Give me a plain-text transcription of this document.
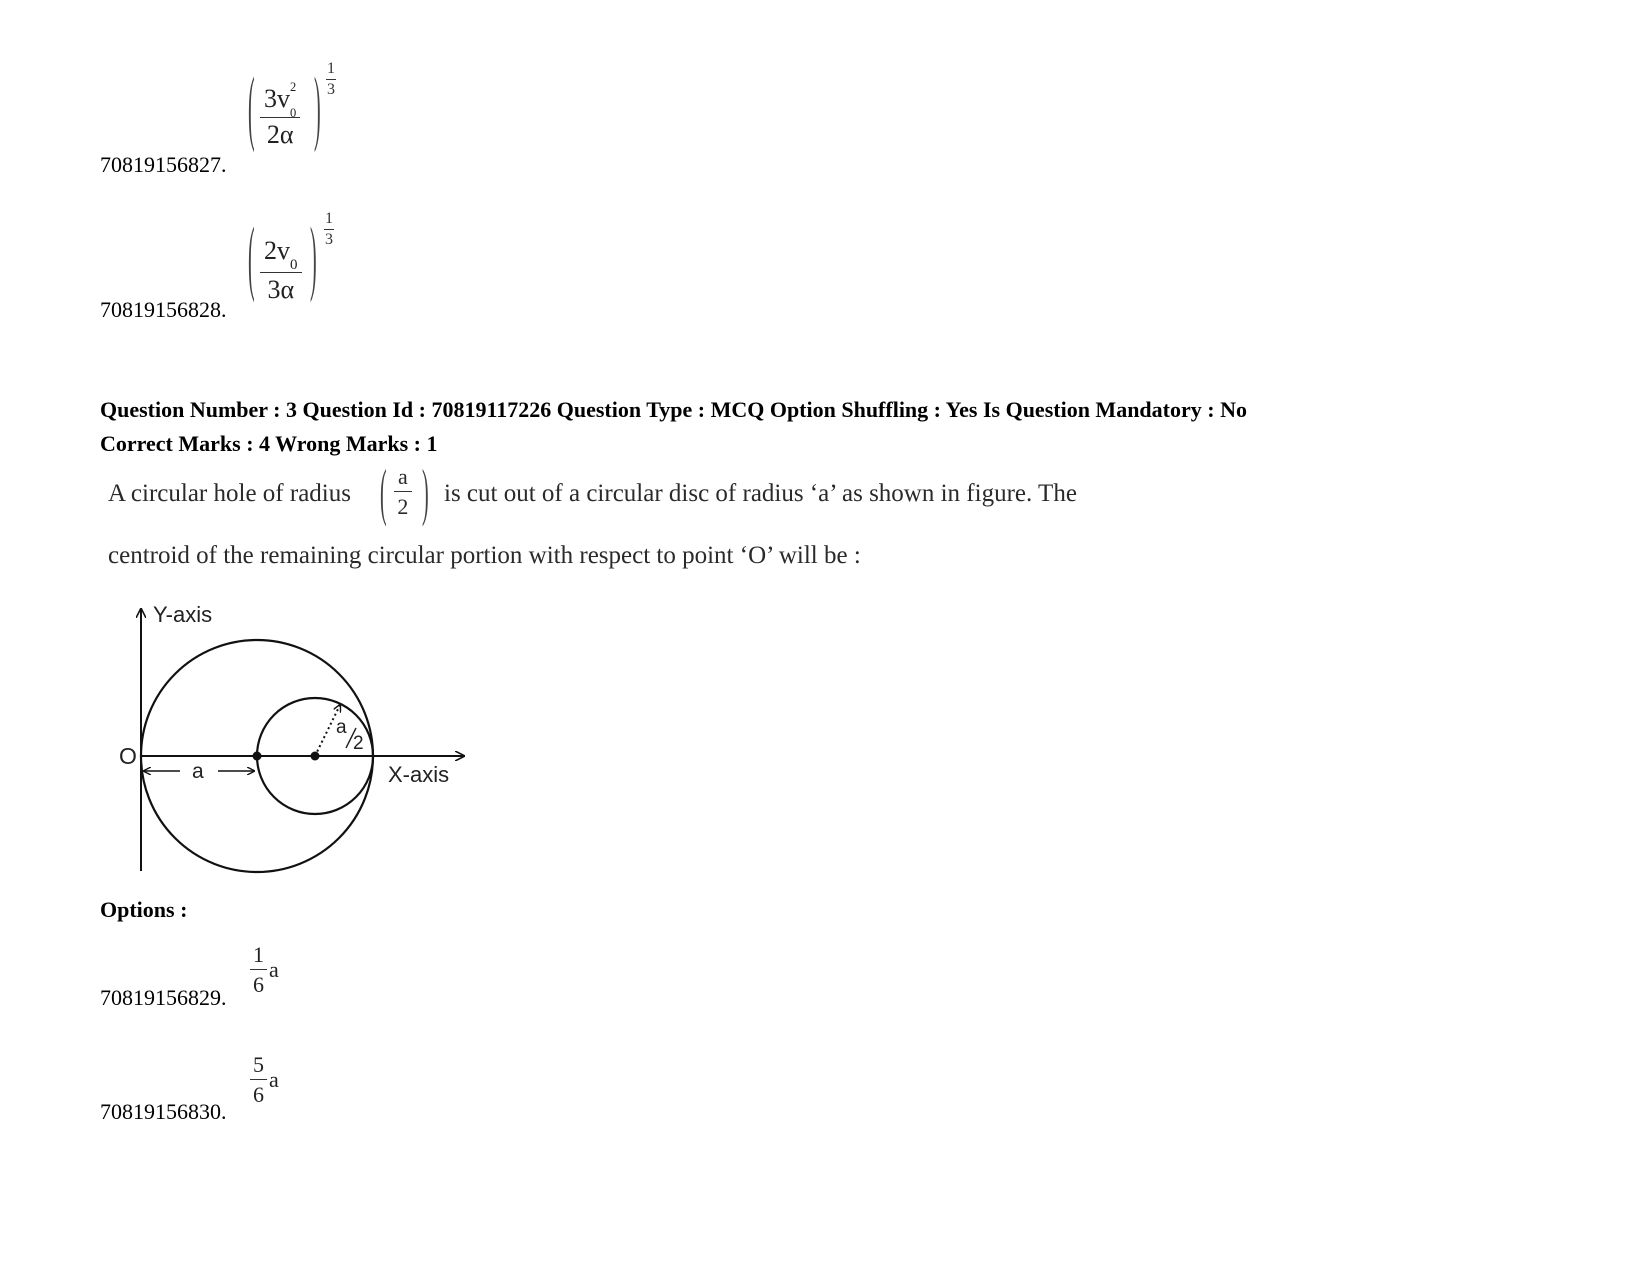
70819156827.
( 3v 2
$_0$
2α ) 1
3
70819156828.
( $\frac{2v_0}{3\alpha}$ ) 1
3
Question Number : 3 Question Id : 70819117226 Question Type : MCQ Option Shuffling : Yes Is Question Mandatory : No
Correct Marks : 4 Wrong Marks : 1
A circular hole of radius ( $\frac{a}{2}$ ) is cut out of a circular disc of radius ‘a’ as shown in figure. The
centroid of the remaining circular portion with respect to point ‘O’ will be :
Y-axis
X-axis
O
a
a
2
Options :
70819156829.
$\frac{1}{6}$ a
70819156830.
$\frac{5}{6}$ a
